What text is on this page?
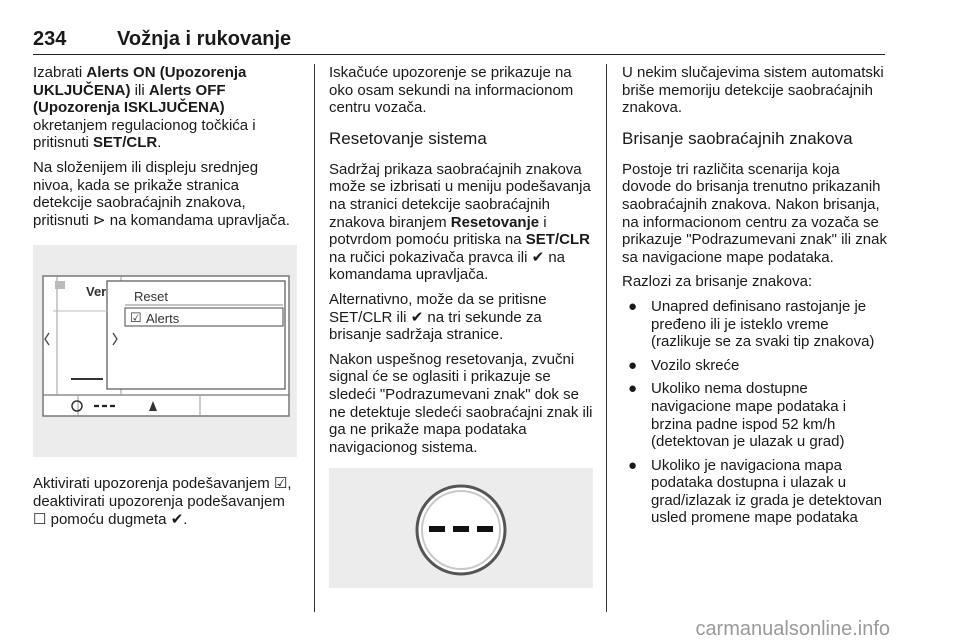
234	Vožnja i rukovanje

Izabrati Alerts ON (Upozorenja UKLJUČENA) ili Alerts OFF (Upozorenja ISKLJUČENA) okretanjem regulacionog točkića i pritisnuti SET/CLR.

Na složenijem ili displeju srednjeg nivoa, kada se prikaže stranica detekcije saobraćajnih znakova, pritisnuti ⊳ na komandama upravljača.

Ver Reset
☑ Alerts

Aktivirati upozorenja podešavanjem ☑, deaktivirati upozorenja podešavanjem ☐ pomoću dugmeta ✔.

Iskačuće upozorenje se prikazuje na oko osam sekundi na informacionom centru vozača.

Resetovanje sistema

Sadržaj prikaza saobraćajnih znakova može se izbrisati u meniju podešavanja na stranici detekcije saobraćajnih znakova biranjem Resetovanje i potvrdom pomoću pritiska na SET/CLR na ručici pokazivača pravca ili ✔ na komandama upravljača.

Alternativno, može da se pritisne SET/CLR ili ✔ na tri sekunde za brisanje sadržaja stranice.

Nakon uspešnog resetovanja, zvučni signal će se oglasiti i prikazuje se sledeći "Podrazumevani znak" dok se ne detektuje sledeći saobraćajni znak ili ga ne prikaže mapa podataka navigacionog sistema.

U nekim slučajevima sistem automatski briše memoriju detekcije saobraćajnih znakova.

Brisanje saobraćajnih znakova

Postoje tri različita scenarija koja dovode do brisanja trenutno prikazanih saobraćajnih znakova. Nakon brisanja, na informacionom centru za vozača se prikazuje "Podrazumevani znak" ili znak sa navigacione mape podataka.

Razlozi za brisanje znakova:

● Unapred definisano rastojanje je pređeno ili je isteklo vreme (razlikuje se za svaki tip znakova)
● Vozilo skreće
● Ukoliko nema dostupne navigacione mape podataka i brzina padne ispod 52 km/h (detektovan je ulazak u grad)
● Ukoliko je navigaciona mapa podataka dostupna i ulazak u grad/izlazak iz grada je detektovan usled promene mape podataka
carmanualsonline.info
